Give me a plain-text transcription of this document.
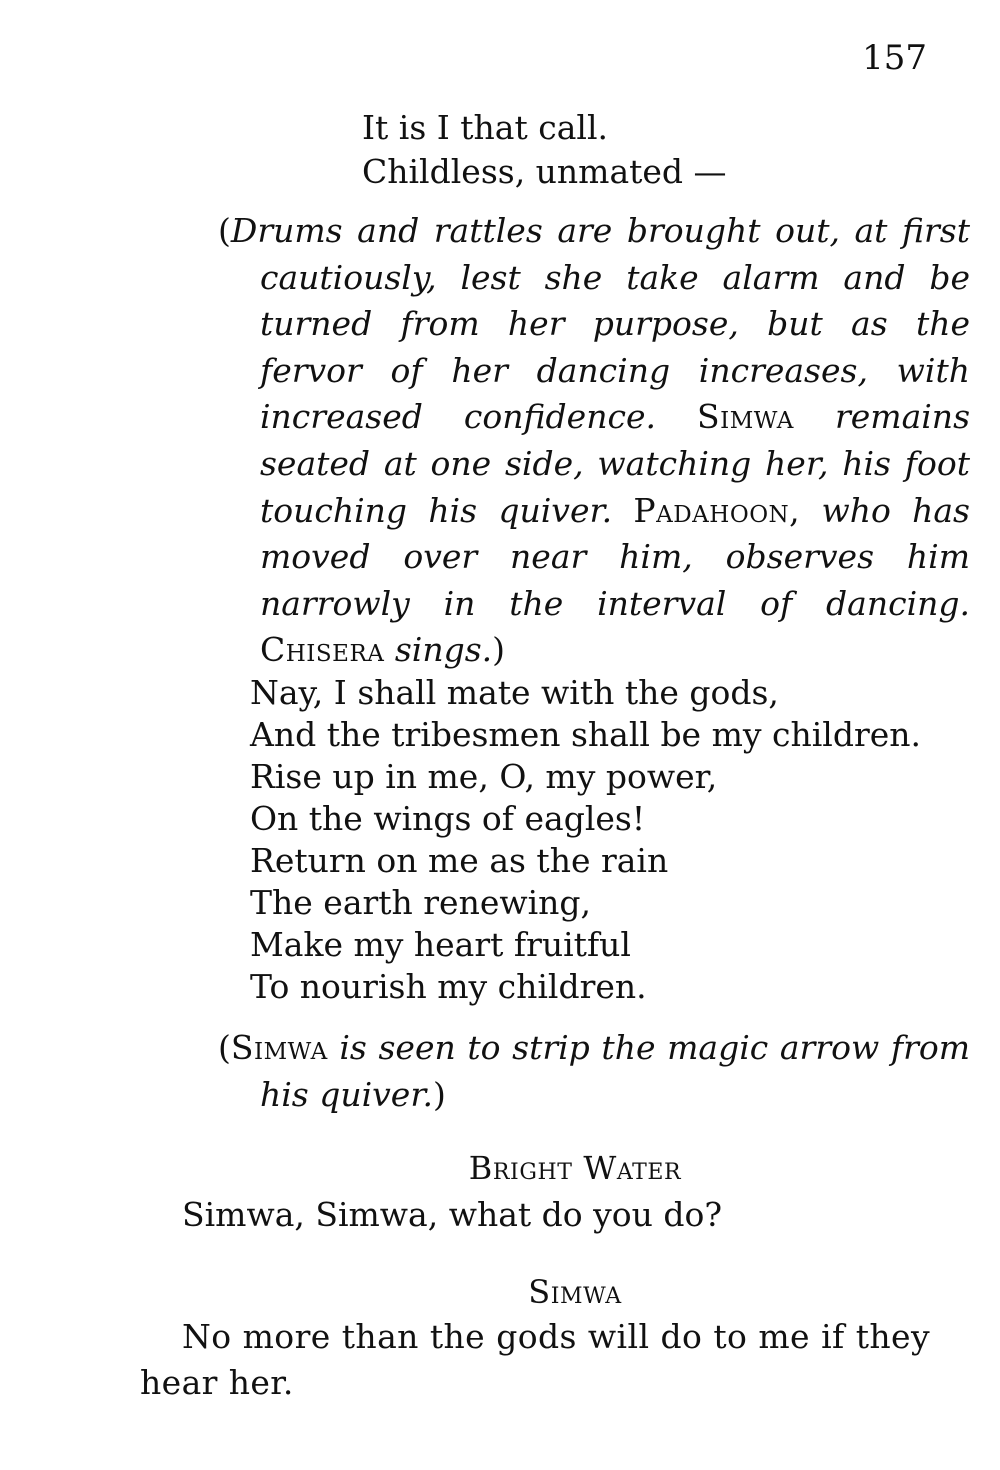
157
It is I that call.
Childless, unmated —
(Drums and rattles are brought out, at first cautiously, lest she take alarm and be turned from her purpose, but as the fervor of her dancing increases, with increased confidence. Simwa remains seated at one side, watching her, his foot touching his quiver. Padahoon, who has moved over near him, observes him narrowly in the interval of dancing. Chisera sings.)
Nay, I shall mate with the gods,
And the tribesmen shall be my children.
Rise up in me, O, my power,
On the wings of eagles!
Return on me as the rain
The earth renewing,
Make my heart fruitful
To nourish my children.
(Simwa is seen to strip the magic arrow from his quiver.)
Bright Water
Simwa, Simwa, what do you do?
Simwa
No more than the gods will do to me if they hear her.
